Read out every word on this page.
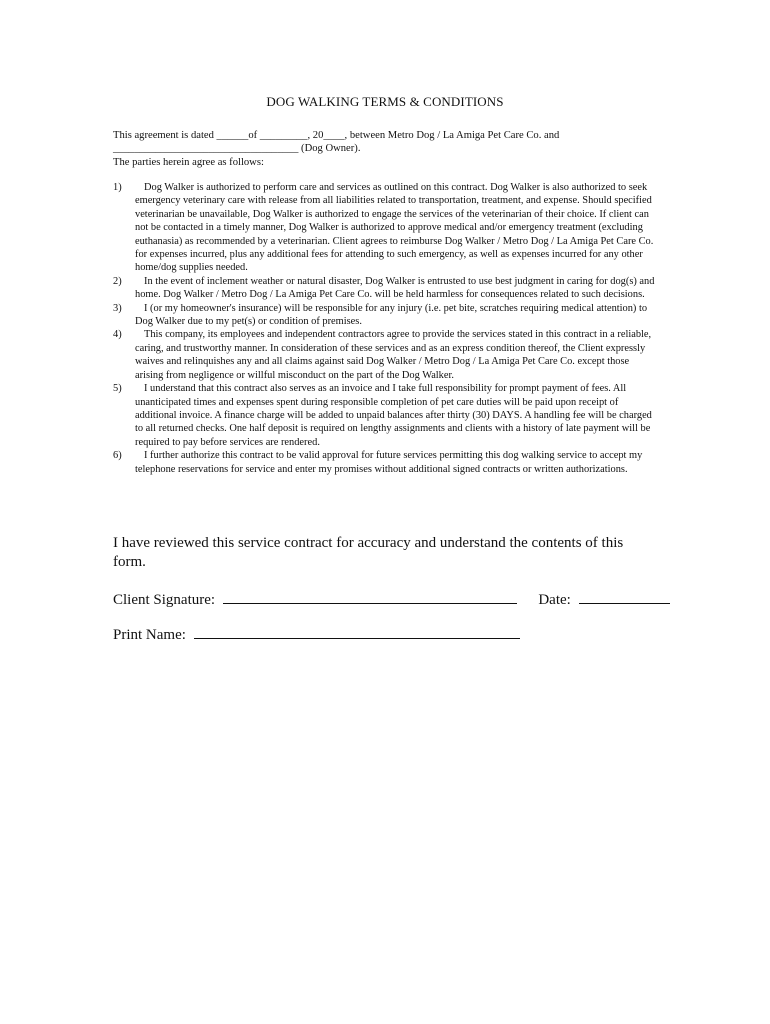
DOG WALKING TERMS & CONDITIONS
This agreement is dated ______of _________, 20____, between Metro Dog / La Amiga Pet Care Co. and
___________________________________ (Dog Owner).
The parties herein agree as follows:
1)	Dog Walker is authorized to perform care and services as outlined on this contract. Dog Walker is also authorized to seek emergency veterinary care with release from all liabilities related to transportation, treatment, and expense. Should specified veterinarian be unavailable, Dog Walker is authorized to engage the services of the veterinarian of their choice. If client can not be contacted in a timely manner, Dog Walker is authorized to approve medical and/or emergency treatment (excluding euthanasia) as recommended by a veterinarian. Client agrees to reimburse Dog Walker / Metro Dog / La Amiga Pet Care Co. for expenses incurred, plus any additional fees for attending to such emergency, as well as expenses incurred for any other home/dog supplies needed.
2)	In the event of inclement weather or natural disaster, Dog Walker is entrusted to use best judgment in caring for dog(s) and home. Dog Walker / Metro Dog / La Amiga Pet Care Co. will be held harmless for consequences related to such decisions.
3)	I (or my homeowner's insurance) will be responsible for any injury (i.e. pet bite, scratches requiring medical attention) to Dog Walker due to my pet(s) or condition of premises.
4)	This company, its employees and independent contractors agree to provide the services stated in this contract in a reliable, caring, and trustworthy manner. In consideration of these services and as an express condition thereof, the Client expressly waives and relinquishes any and all claims against said Dog Walker / Metro Dog / La Amiga Pet Care Co. except those arising from negligence or willful misconduct on the part of the Dog Walker.
5)	I understand that this contract also serves as an invoice and I take full responsibility for prompt payment of fees. All unanticipated times and expenses spent during responsible completion of pet care duties will be paid upon receipt of additional invoice. A finance charge will be added to unpaid balances after thirty (30) DAYS. A handling fee will be charged to all returned checks. One half deposit is required on lengthy assignments and clients with a history of late payment will be required to pay before services are rendered.
6)	I further authorize this contract to be valid approval for future services permitting this dog walking service to accept my telephone reservations for service and enter my promises without additional signed contracts or written authorizations.
I have reviewed this service contract for accuracy and understand the contents of this form.
Client Signature:	Date:
Print Name:
